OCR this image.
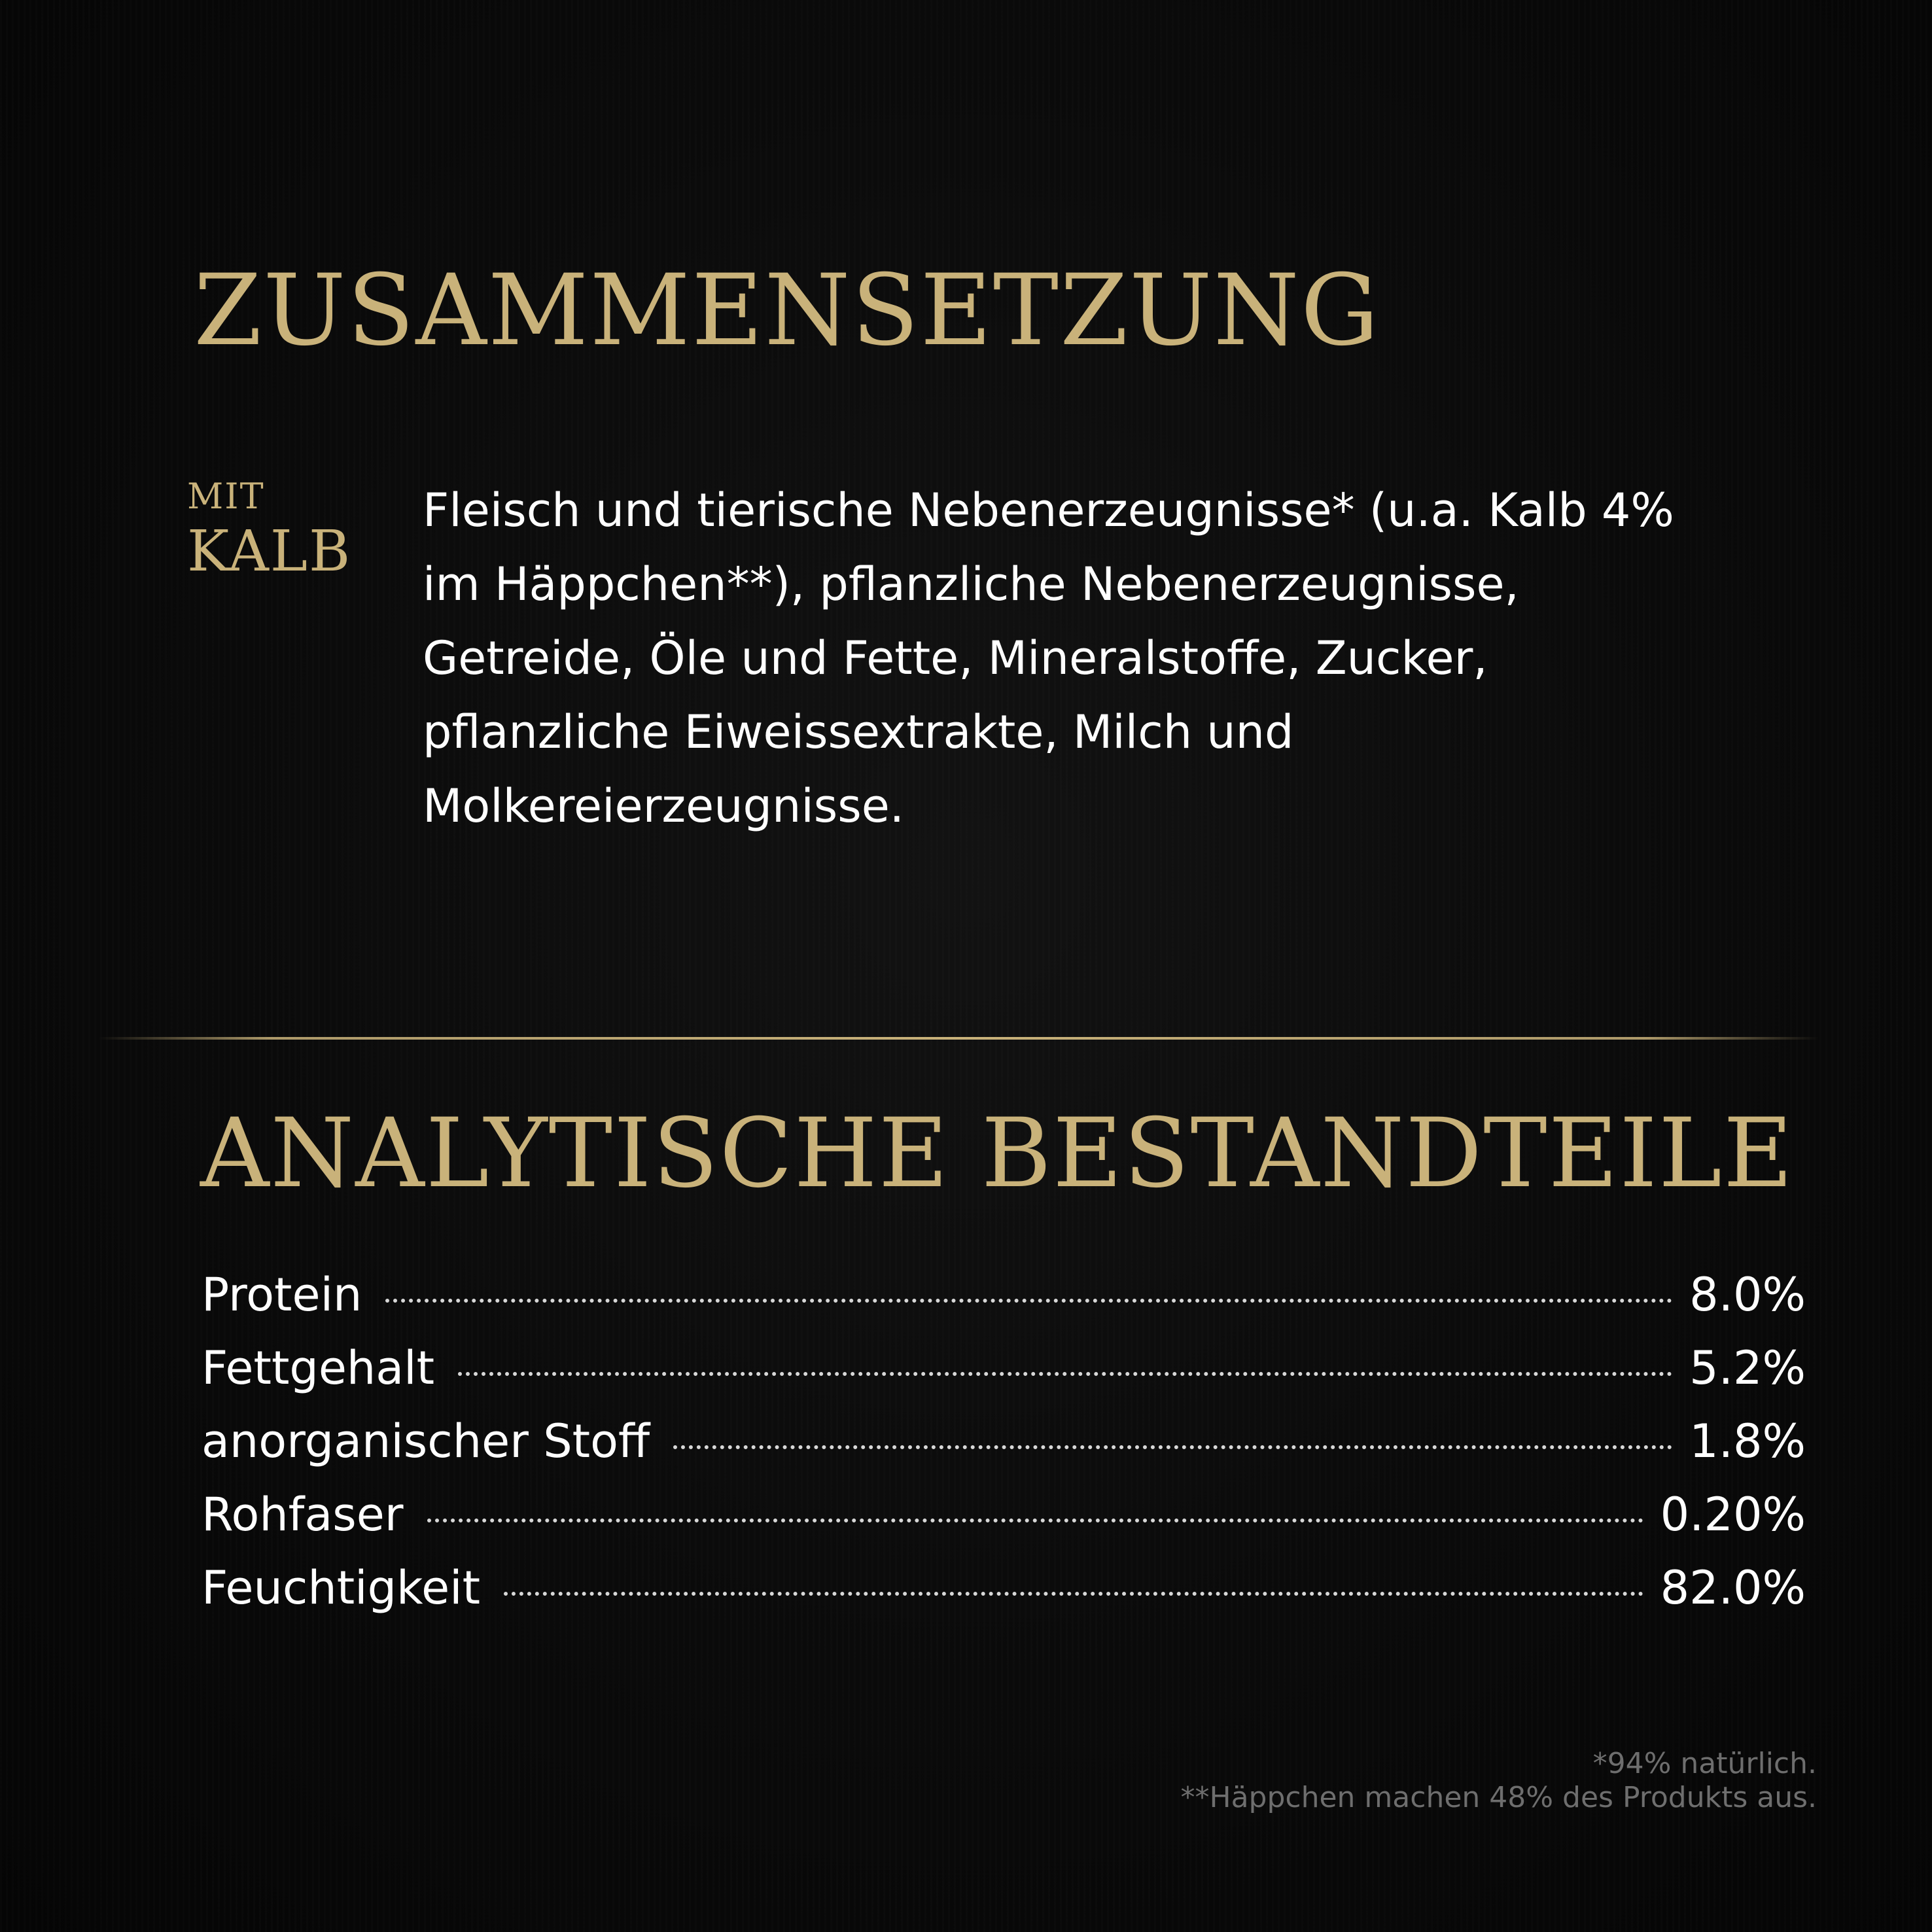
ZUSAMMENSETZUNG
MIT
KALB

Fleisch und tierische Nebenerzeugnisse* (u.a. Kalb 4%
im Häppchen**), pflanzliche Nebenerzeugnisse,
Getreide, Öle und Fette, Mineralstoffe, Zucker,
pflanzliche Eiweissextrakte, Milch und
Molkereierzeugnisse.

ANALYTISCHE BESTANDTEILE
Protein	8.0%
Fettgehalt	5.2%
anorganischer Stoff	1.8%
Rohfaser	0.20%
Feuchtigkeit	82.0%
*94% natürlich.
**Häppchen machen 48% des Produkts aus.
